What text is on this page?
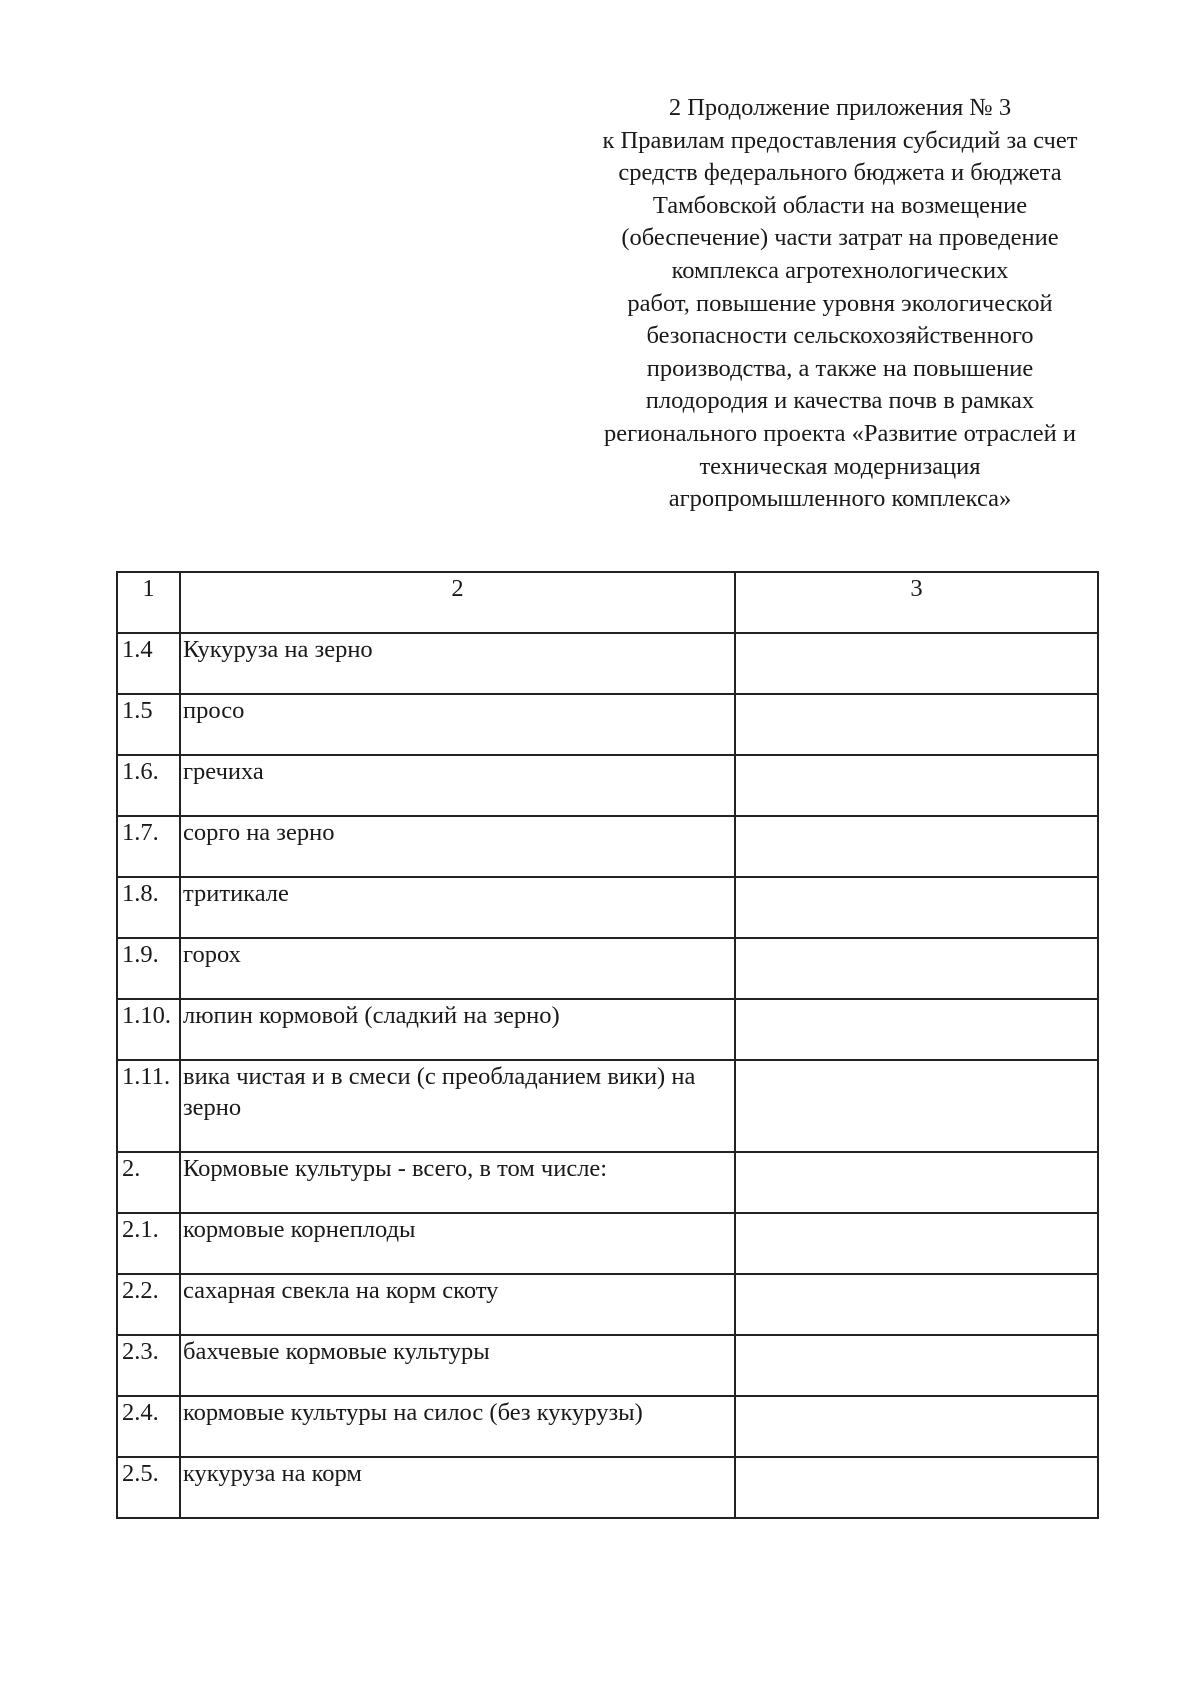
2 Продолжение приложения № 3
к Правилам предоставления субсидий за счет
средств федерального бюджета и бюджета
Тамбовской области на возмещение
(обеспечение) части затрат на проведение
комплекса агротехнологических
работ, повышение уровня экологической
безопасности сельскохозяйственного
производства, а также на повышение
плодородия и качества почв в рамках
регионального проекта «Развитие отраслей и
техническая модернизация
агропромышленного комплекса»
1	2	3
1.4	Кукуруза на зерно	
1.5	просо	
1.6.	гречиха	
1.7.	сорго на зерно	
1.8.	тритикале	
1.9.	горох	
1.10.	люпин кормовой (сладкий на зерно)	
1.11.	вика чистая и в смеси (с преобладанием вики) на зерно	
2.	Кормовые культуры - всего, в том числе:	
2.1.	кормовые корнеплоды	
2.2.	сахарная свекла на корм скоту	
2.3.	бахчевые кормовые культуры	
2.4.	кормовые культуры на силос (без кукурузы)	
2.5.	кукуруза на корм	
